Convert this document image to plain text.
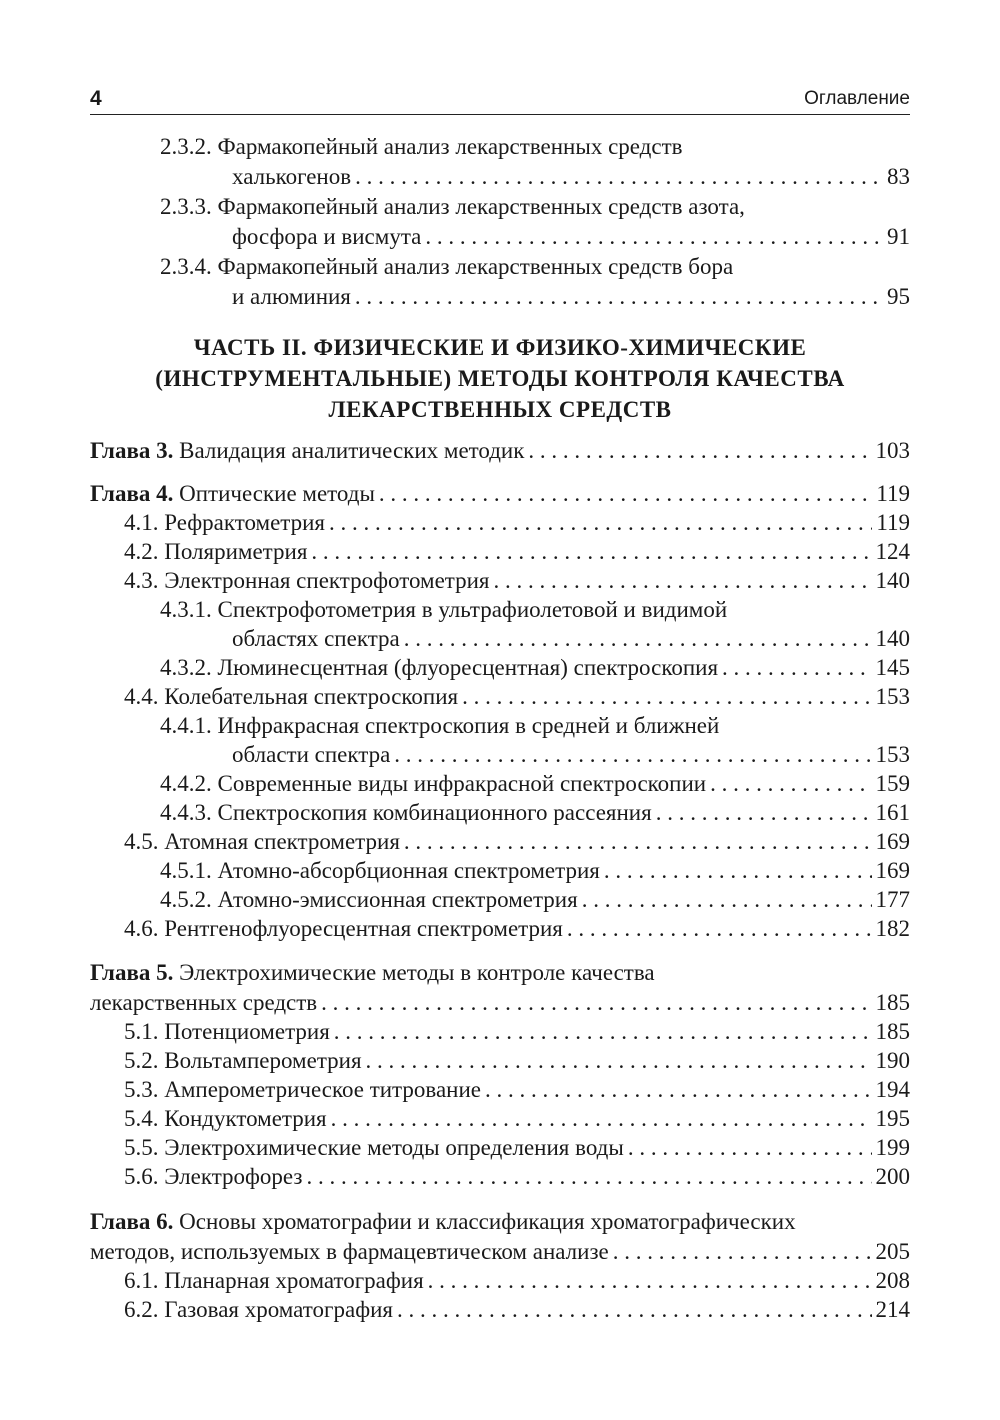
4	Оглавление
2.3.2. Фармакопейный анализ лекарственных средств
халькогенов . . .	83
2.3.3. Фармакопейный анализ лекарственных средств азота,
фосфора и висмута . . .	91
2.3.4. Фармакопейный анализ лекарственных средств бора
и алюминия . . .	95
ЧАСТЬ II. ФИЗИЧЕСКИЕ И ФИЗИКО-ХИМИЧЕСКИЕ
(ИНСТРУМЕНТАЛЬНЫЕ) МЕТОДЫ КОНТРОЛЯ КАЧЕСТВА
ЛЕКАРСТВЕННЫХ СРЕДСТВ
Глава 3. Валидация аналитических методик . . .	103
Глава 4. Оптические методы . . .	119
4.1. Рефрактометрия . . .	119
4.2. Поляриметрия . . .	124
4.3. Электронная спектрофотометрия . . .	140
4.3.1. Спектрофотометрия в ультрафиолетовой и видимой
областях спектра . . .	140
4.3.2. Люминесцентная (флуоресцентная) спектроскопия . . .	145
4.4. Колебательная спектроскопия . . .	153
4.4.1. Инфракрасная спектроскопия в средней и ближней
области спектра . . .	153
4.4.2. Современные виды инфракрасной спектроскопии . . .	159
4.4.3. Спектроскопия комбинационного рассеяния . . .	161
4.5. Атомная спектрометрия . . .	169
4.5.1. Атомно-абсорбционная спектрометрия . . .	169
4.5.2. Атомно-эмиссионная спектрометрия . . .	177
4.6. Рентгенофлуоресцентная спектрометрия . . .	182
Глава 5. Электрохимические методы в контроле качества
лекарственных средств . . .	185
5.1. Потенциометрия . . .	185
5.2. Вольтамперометрия . . .	190
5.3. Амперометрическое титрование . . .	194
5.4. Кондуктометрия . . .	195
5.5. Электрохимические методы определения воды . . .	199
5.6. Электрофорез . . .	200
Глава 6. Основы хроматографии и классификация хроматографических
методов, используемых в фармацевтическом анализе . . .	205
6.1. Планарная хроматография . . .	208
6.2. Газовая хроматография . . .	214
